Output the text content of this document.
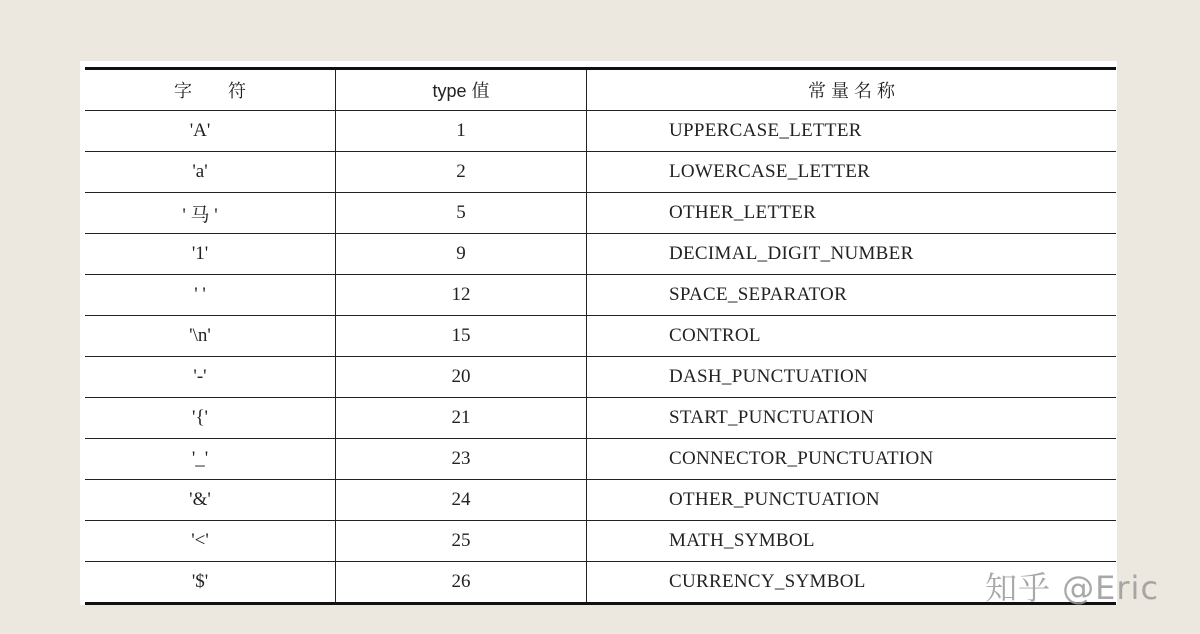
字　　符	type 值	常 量 名 称
'A'	1	UPPERCASE_LETTER
'a'	2	LOWERCASE_LETTER
' 马 '	5	OTHER_LETTER
'1'	9	DECIMAL_DIGIT_NUMBER
' '	12	SPACE_SEPARATOR
'\n'	15	CONTROL
'-'	20	DASH_PUNCTUATION
'{'	21	START_PUNCTUATION
'_'	23	CONNECTOR_PUNCTUATION
'&'	24	OTHER_PUNCTUATION
'<'	25	MATH_SYMBOL
'$'	26	CURRENCY_SYMBOL	知乎 @Eric
